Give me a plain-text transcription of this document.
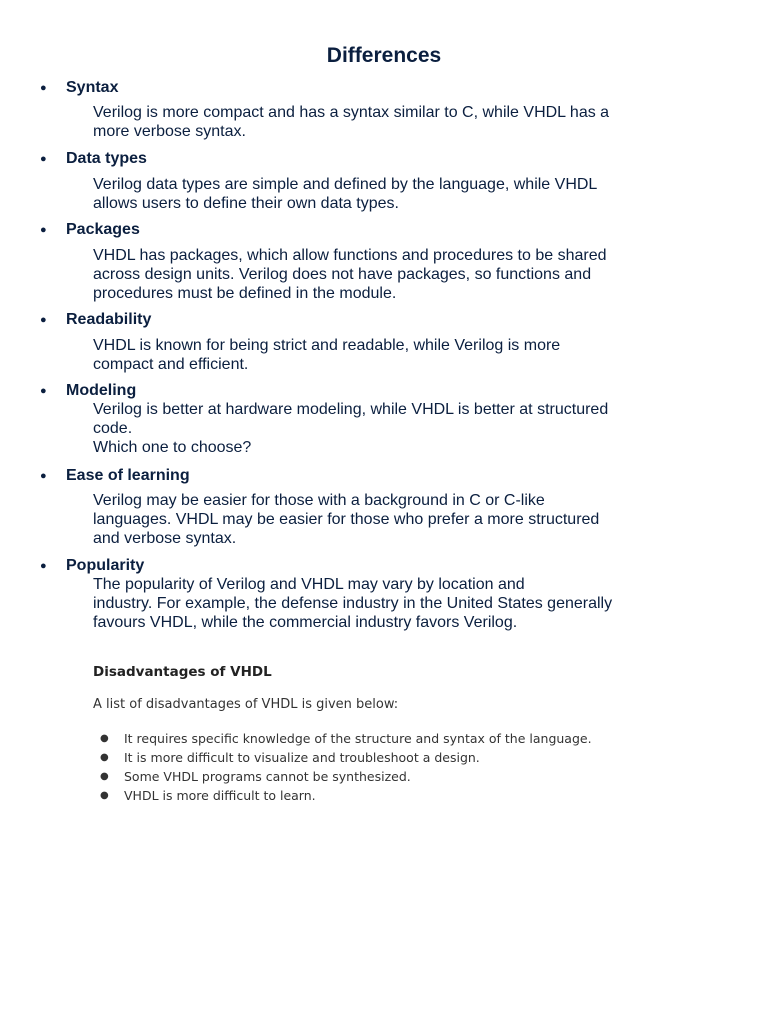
Differences
● Syntax
Verilog is more compact and has a syntax similar to C, while VHDL has a
more verbose syntax.
● Data types
Verilog data types are simple and defined by the language, while VHDL
allows users to define their own data types.
● Packages
VHDL has packages, which allow functions and procedures to be shared
across design units. Verilog does not have packages, so functions and
procedures must be defined in the module.
● Readability
VHDL is known for being strict and readable, while Verilog is more
compact and efficient.
● Modeling
Verilog is better at hardware modeling, while VHDL is better at structured
code.
Which one to choose?
● Ease of learning
Verilog may be easier for those with a background in C or C-like
languages. VHDL may be easier for those who prefer a more structured
and verbose syntax.
● Popularity
The popularity of Verilog and VHDL may vary by location and
industry. For example, the defense industry in the United States generally
favours VHDL, while the commercial industry favors Verilog.
Disadvantages of VHDL
A list of disadvantages of VHDL is given below:
● It requires specific knowledge of the structure and syntax of the language.
● It is more difficult to visualize and troubleshoot a design.
● Some VHDL programs cannot be synthesized.
● VHDL is more difficult to learn.
